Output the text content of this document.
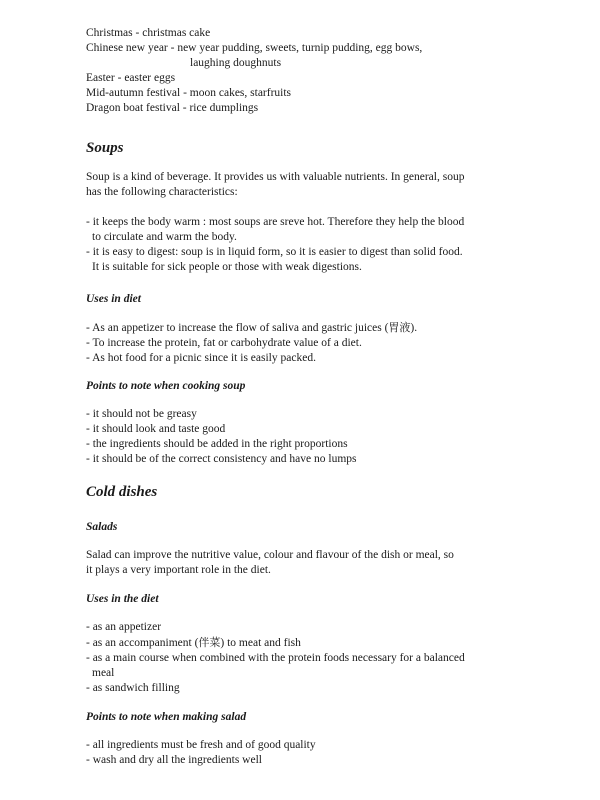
Christmas - christmas cake
Chinese new year - new year pudding, sweets, turnip pudding, egg bows,
laughing doughnuts
Easter - easter eggs
Mid-autumn festival - moon cakes, starfruits
Dragon boat festival - rice dumplings
Soups
Soup is a kind of beverage. It provides us with valuable nutrients. In general, soup
has the following characteristics:
- it keeps the body warm : most soups are sreve hot. Therefore they help the blood
to circulate and warm the body.
- it is easy to digest: soup is in liquid form, so it is easier to digest than solid food.
It is suitable for sick people or those with weak digestions.
Uses in diet
- As an appetizer to increase the flow of saliva and gastric juices (胃液).
- To increase the protein, fat or carbohydrate value of a diet.
- As hot food for a picnic since it is easily packed.
Points to note when cooking soup
- it should not be greasy
- it should look and taste good
- the ingredients should be added in the right proportions
- it should be of the correct consistency and have no lumps
Cold dishes
Salads
Salad can improve the nutritive value, colour and flavour of the dish or meal, so
it plays a very important role in the diet.
Uses in the diet
- as an appetizer
- as an accompaniment (伴菜) to meat and fish
- as a main course when combined with the protein foods necessary for a balanced
meal
- as sandwich filling
Points to note when making salad
- all ingredients must be fresh and of good quality
- wash and dry all the ingredients well
